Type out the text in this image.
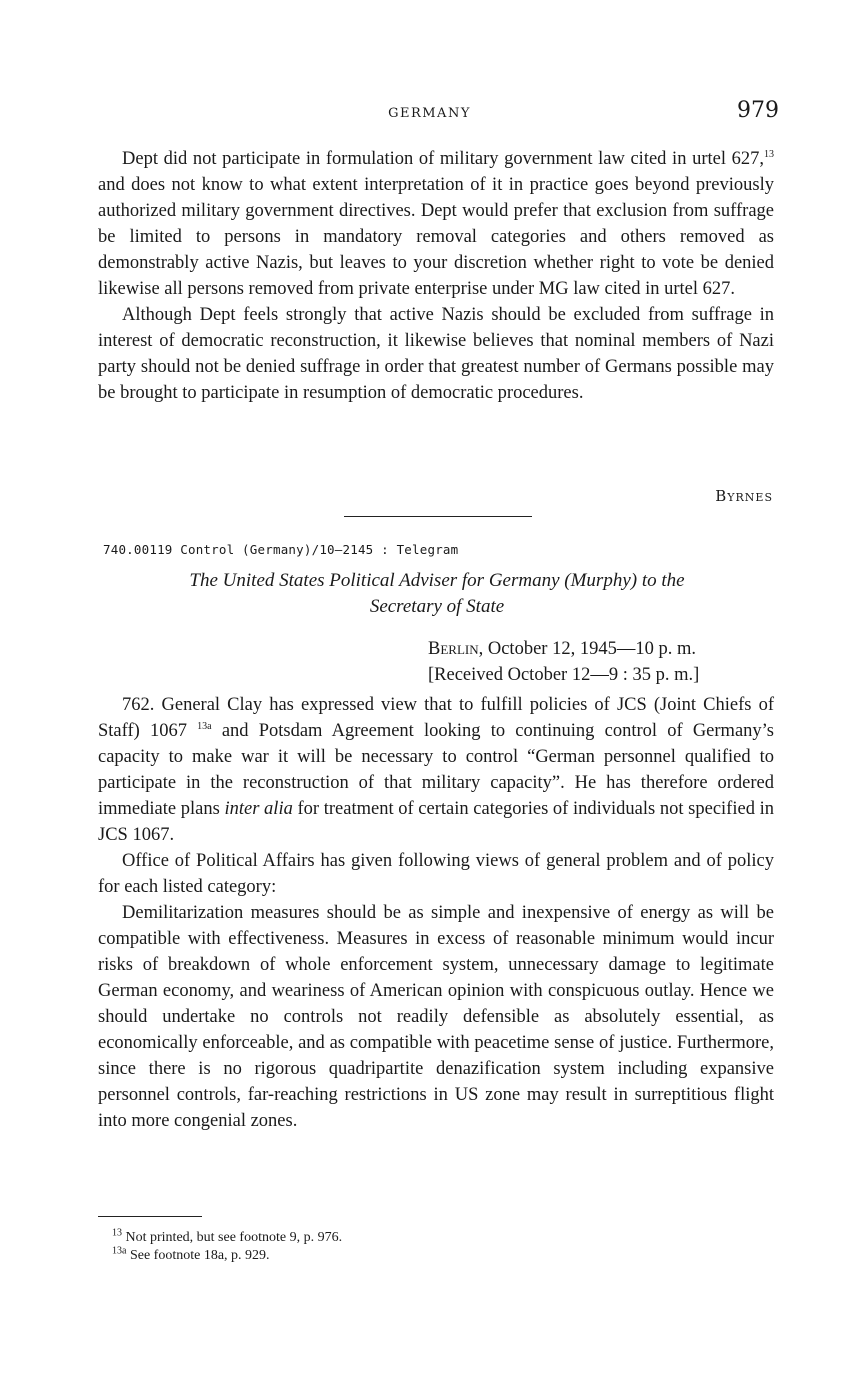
GERMANY	979

Dept did not participate in formulation of military government law cited in urtel 627,13 and does not know to what extent interpretation of it in practice goes beyond previously authorized military government directives. Dept would prefer that exclusion from suffrage be limited to persons in mandatory removal categories and others removed as demonstrably active Nazis, but leaves to your discretion whether right to vote be denied likewise all persons removed from private enterprise under MG law cited in urtel 627.

Although Dept feels strongly that active Nazis should be excluded from suffrage in interest of democratic reconstruction, it likewise believes that nominal members of Nazi party should not be denied suffrage in order that greatest number of Germans possible may be brought to participate in resumption of democratic procedures.

Byrnes
740.00119 Control (Germany)/10–2145 : Telegram
The United States Political Adviser for Germany (Murphy) to the
Secretary of State
Berlin, October 12, 1945—10 p. m.
[Received October 12—9 : 35 p. m.]

762. General Clay has expressed view that to fulfill policies of JCS (Joint Chiefs of Staff) 1067 $^{13a}$ and Potsdam Agreement looking to continuing control of Germany’s capacity to make war it will be necessary to control “German personnel qualified to participate in the reconstruction of that military capacity”. He has therefore ordered immediate plans inter alia for treatment of certain categories of individuals not specified in JCS 1067.

Office of Political Affairs has given following views of general problem and of policy for each listed category:

Demilitarization measures should be as simple and inexpensive of energy as will be compatible with effectiveness. Measures in excess of reasonable minimum would incur risks of breakdown of whole enforcement system, unnecessary damage to legitimate German economy, and weariness of American opinion with conspicuous outlay. Hence we should undertake no controls not readily defensible as absolutely essential, as economically enforceable, and as compatible with peacetime sense of justice. Furthermore, since there is no rigorous quadripartite denazification system including expansive personnel controls, far-reaching restrictions in US zone may result in surreptitious flight into more congenial zones.

$^{13}$ Not printed, but see footnote 9, p. 976.
$^{13a}$ See footnote 18a, p. 929.
